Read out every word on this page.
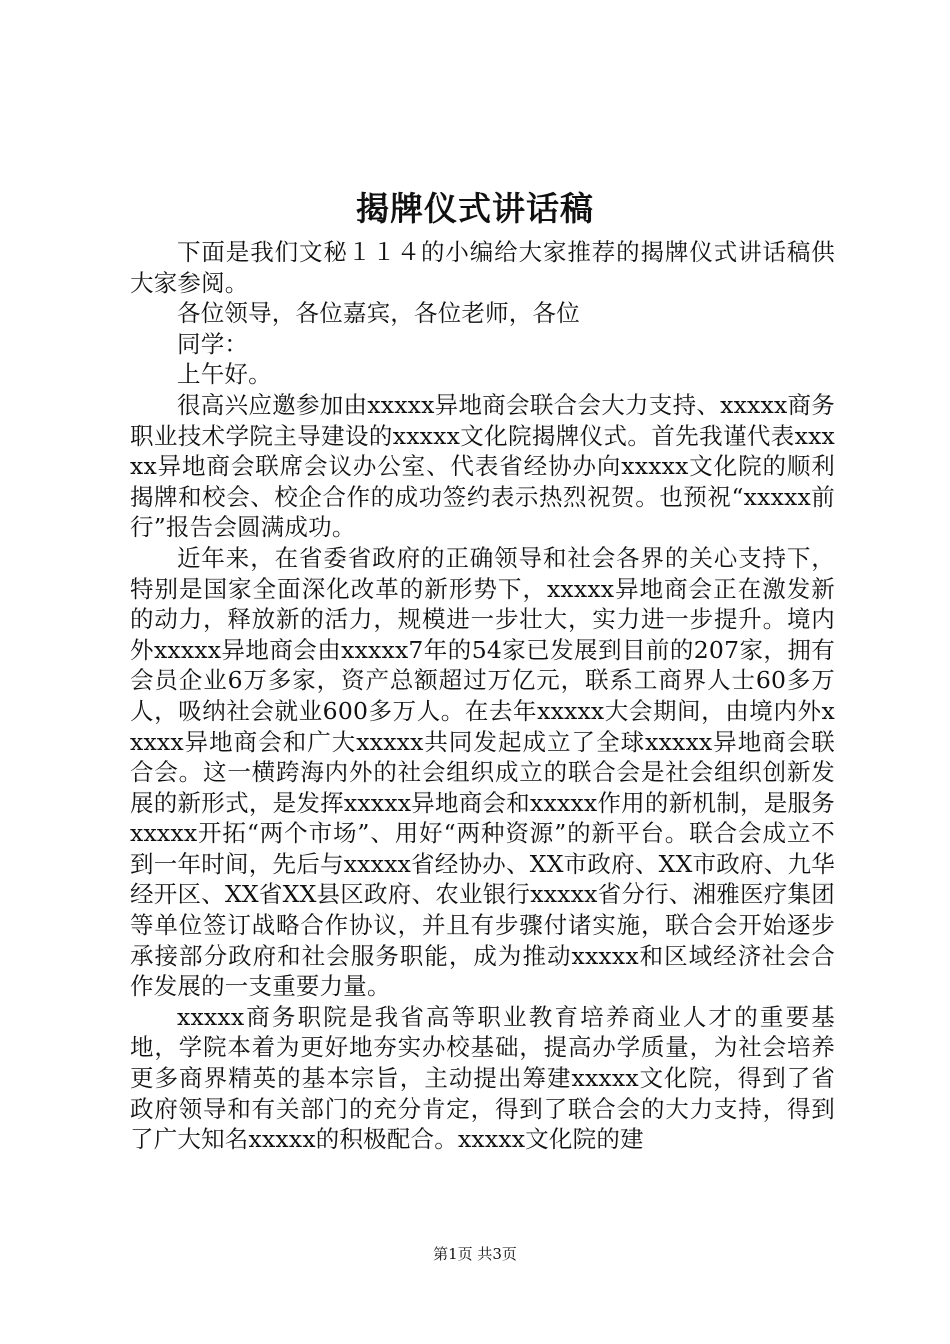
揭牌仪式讲话稿

下面是我们文秘１１４的小编给大家推荐的揭牌仪式讲话稿供大家参阅。

各位领导，各位嘉宾，各位老师，各位

同学：

上午好。

很高兴应邀参加由xxxxx异地商会联合会大力支持、xxxxx商务职业技术学院主导建设的xxxxx文化院揭牌仪式。首先我谨代表xxxxx异地商会联席会议办公室、代表省经协办向xxxxx文化院的顺利揭牌和校会、校企合作的成功签约表示热烈祝贺。也预祝“xxxxx前行”报告会圆满成功。

近年来，在省委省政府的正确领导和社会各界的关心支持下，特别是国家全面深化改革的新形势下，xxxxx异地商会正在激发新的动力，释放新的活力，规模进一步壮大，实力进一步提升。境内外xxxxx异地商会由xxxxx7年的54家已发展到目前的207家，拥有会员企业6万多家，资产总额超过万亿元，联系工商界人士60多万人，吸纳社会就业600多万人。在去年xxxxx大会期间，由境内外xxxxx异地商会和广大xxxxx共同发起成立了全球xxxxx异地商会联合会。这一横跨海内外的社会组织成立的联合会是社会组织创新发展的新形式，是发挥xxxxx异地商会和xxxxx作用的新机制，是服务xxxxx开拓“两个市场”、用好“两种资源”的新平台。联合会成立不到一年时间，先后与xxxxx省经协办、XX市政府、XX市政府、九华经开区、XX省XX县区政府、农业银行xxxxx省分行、湘雅医疗集团等单位签订战略合作协议，并且有步骤付诸实施，联合会开始逐步承接部分政府和社会服务职能，成为推动xxxxx和区域经济社会合作发展的一支重要力量。

xxxxx商务职院是我省高等职业教育培养商业人才的重要基地，学院本着为更好地夯实办校基础，提高办学质量，为社会培养更多商界精英的基本宗旨，主动提出筹建xxxxx文化院，得到了省政府领导和有关部门的充分肯定，得到了联合会的大力支持，得到了广大知名xxxxx的积极配合。xxxxx文化院的建

第1页 共3页
